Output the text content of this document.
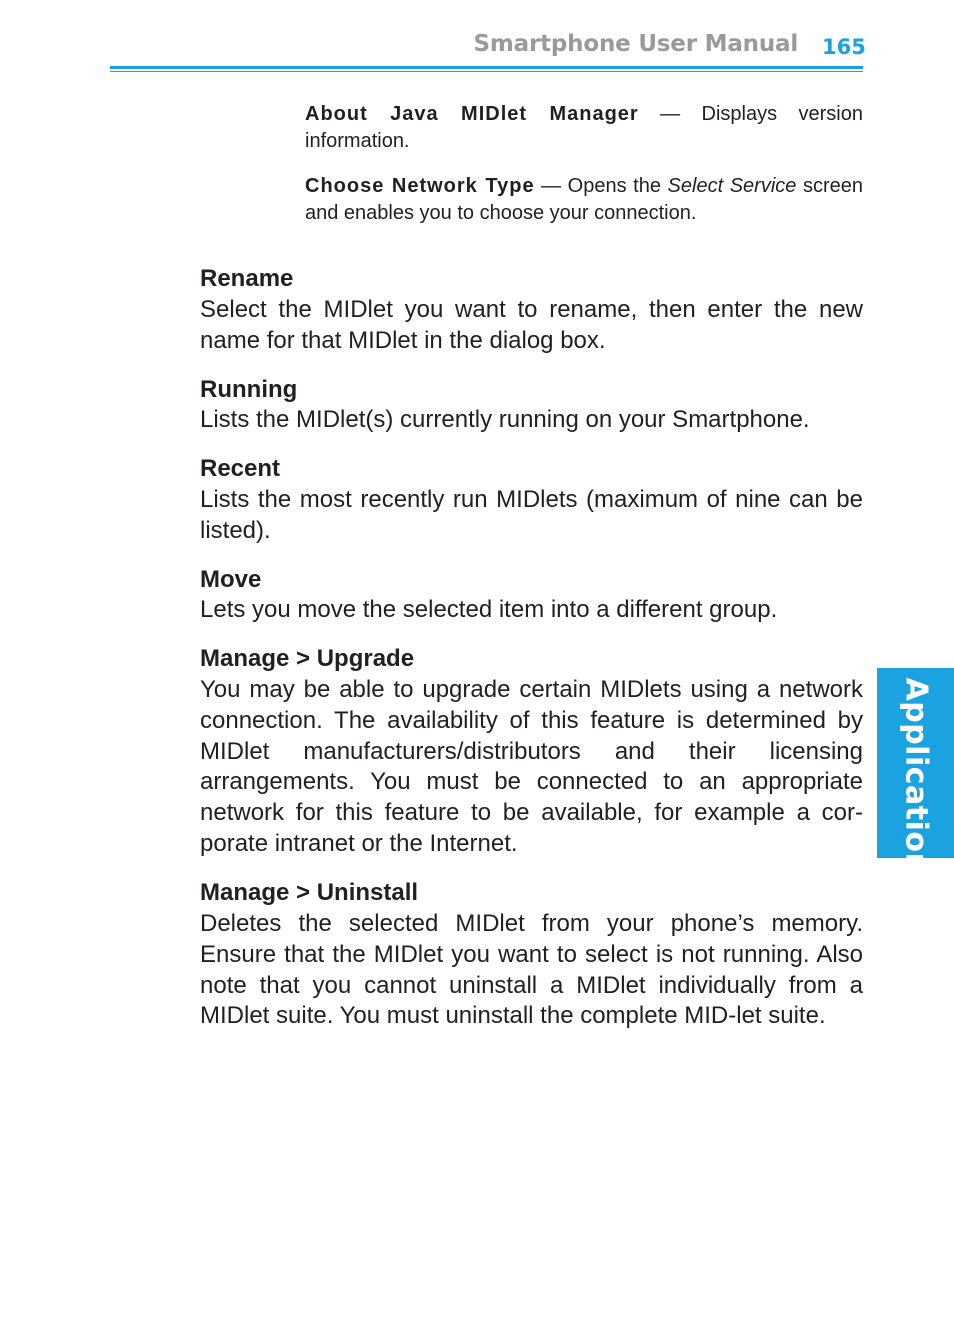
Smartphone User Manual 165
About Java MIDlet Manager — Displays version information.
Choose Network Type — Opens the Select Service screen and enables you to choose your connection.
Rename

Select the MIDlet you want to rename, then enter the new name for that MIDlet in the dialog box.

Running

Lists the MIDlet(s) currently running on your Smartphone.

Recent

Lists the most recently run MIDlets (maximum of nine can be listed).

Move

Lets you move the selected item into a different group.

Manage > Upgrade

You may be able to upgrade certain MIDlets using a network connection. The availability of this feature is determined by MIDlet manufacturers/distributors and their licensing arrangements. You must be connected to an appropriate network for this feature to be available, for example a cor-porate intranet or the Internet.

Manage > Uninstall

Deletes the selected MIDlet from your phone’s memory. Ensure that the MIDlet you want to select is not running. Also note that you cannot uninstall a MIDlet individually from a MIDlet suite. You must uninstall the complete MID-let suite.

8. Applications
